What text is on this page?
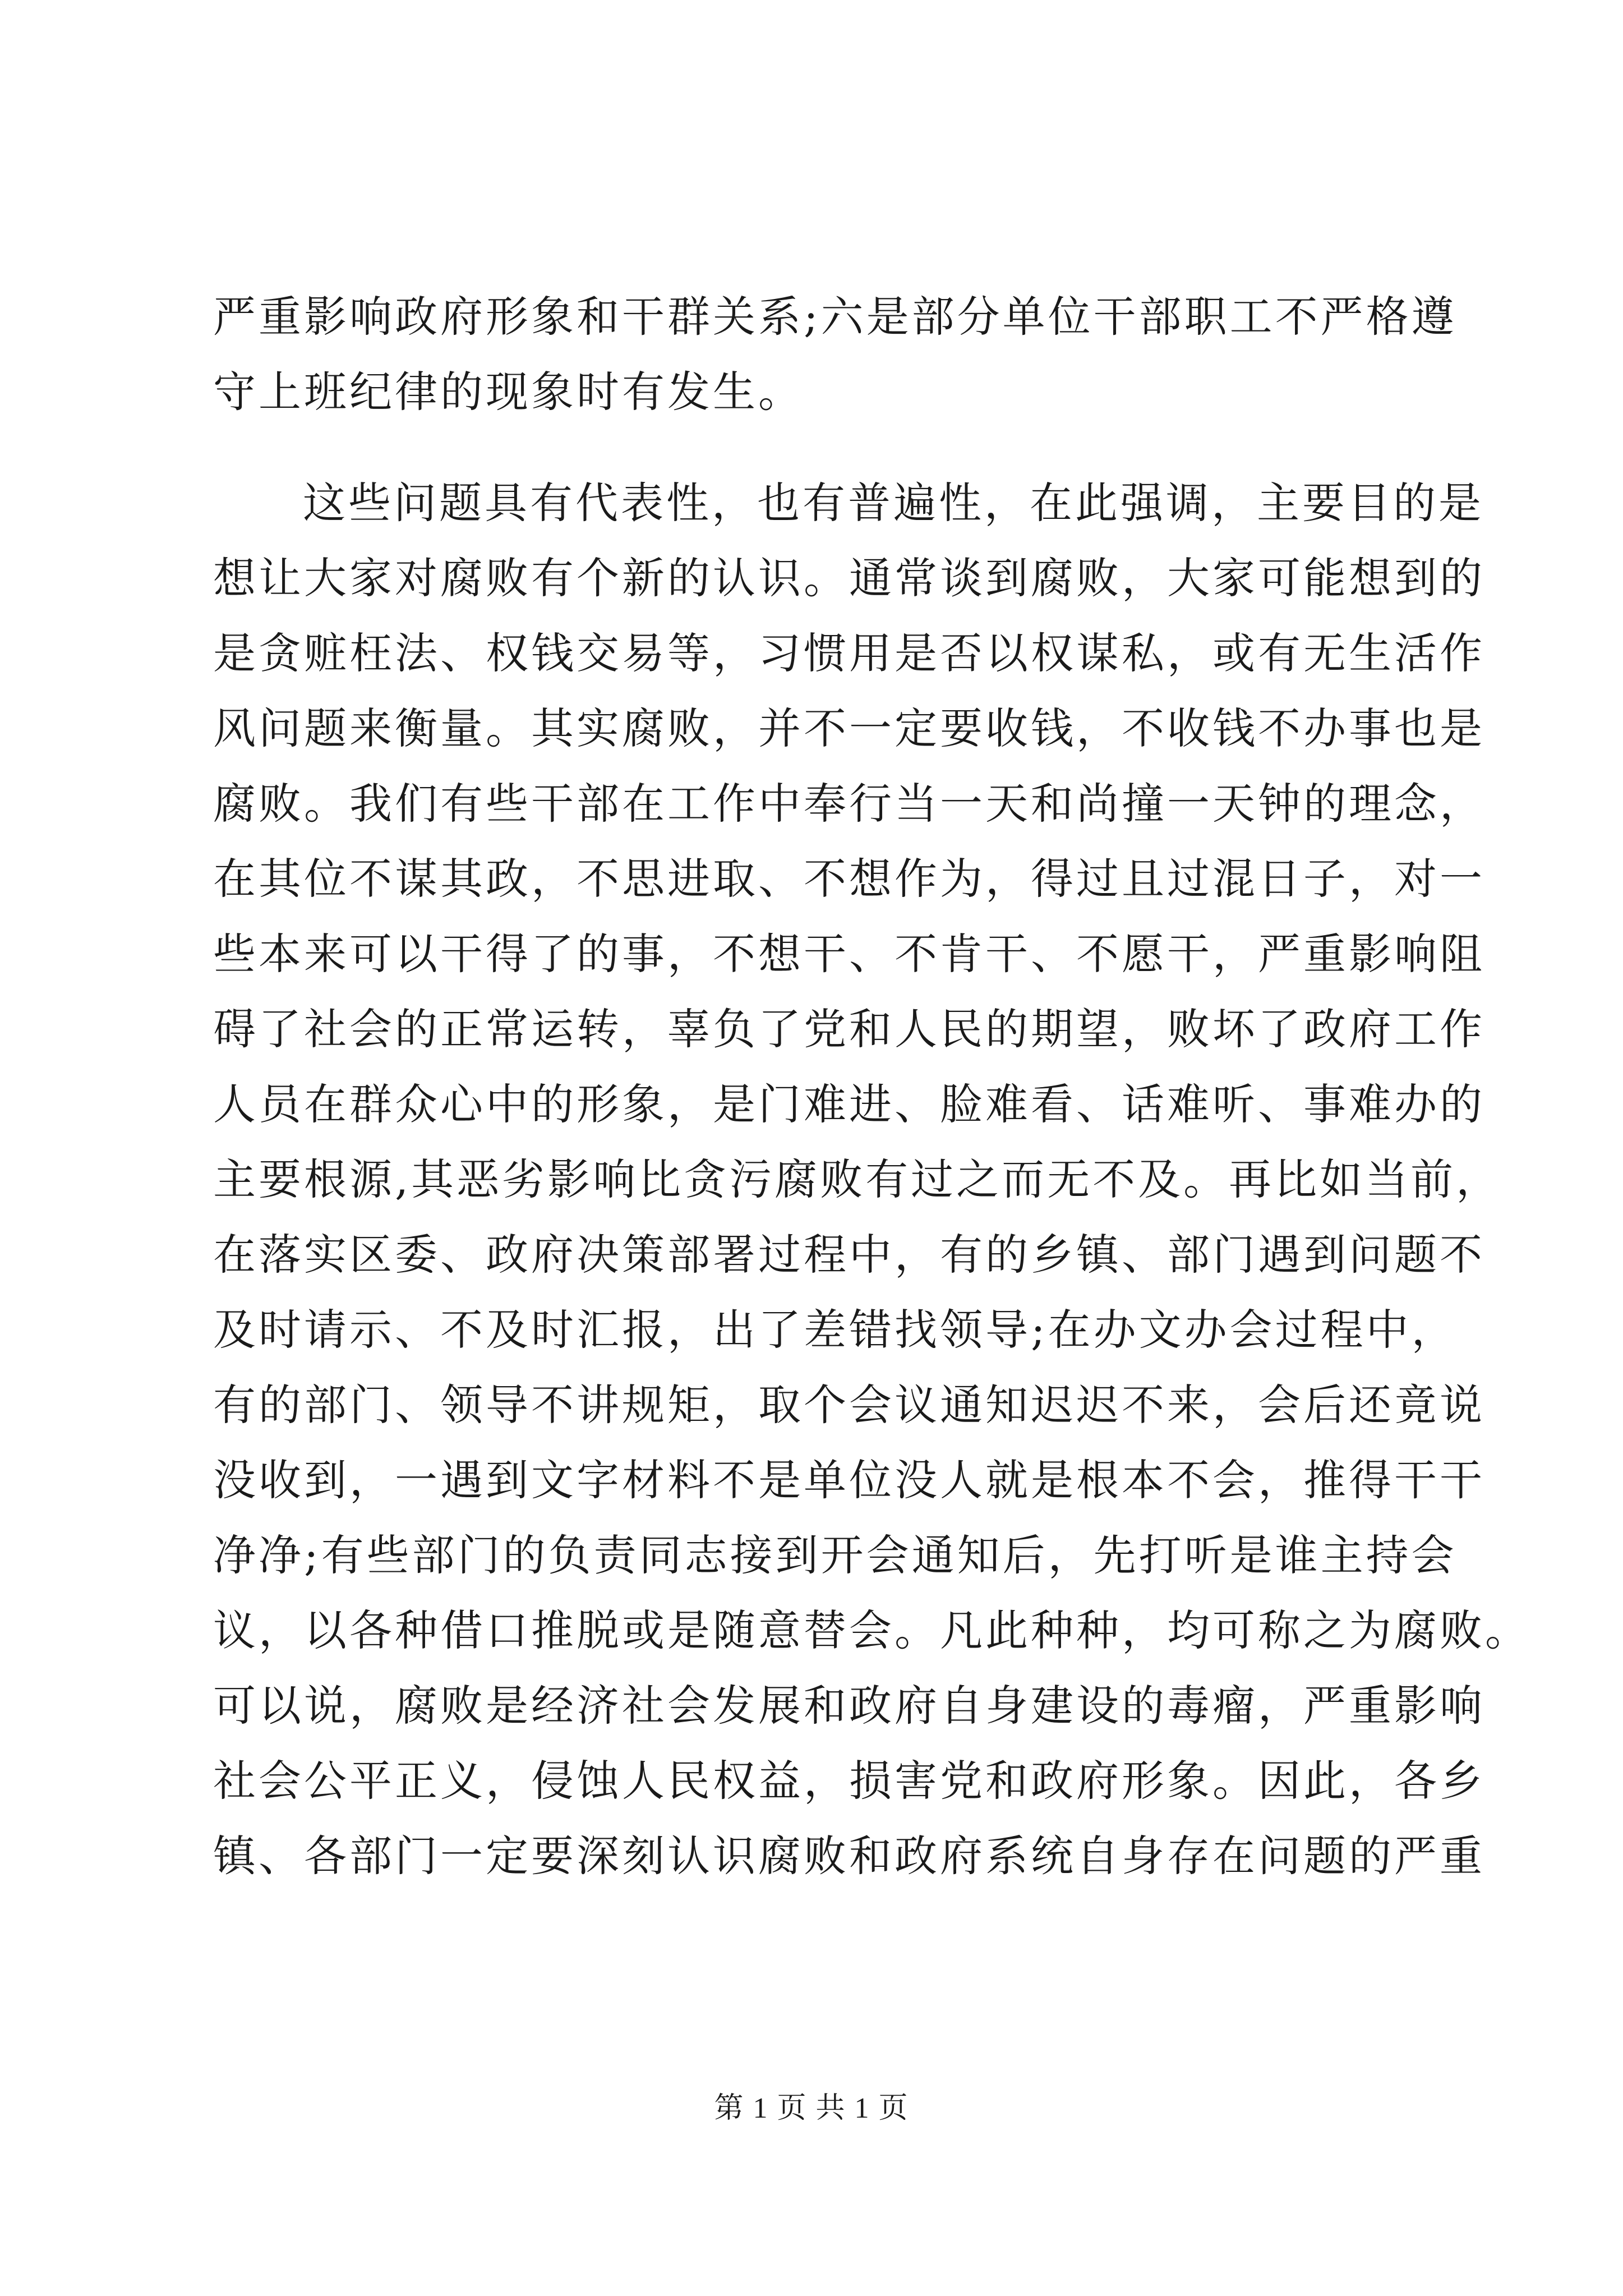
严重影响政府形象和干群关系;六是部分单位干部职工不严格遵
守上班纪律的现象时有发生。
这些问题具有代表性，也有普遍性，在此强调，主要目的是
想让大家对腐败有个新的认识。通常谈到腐败，大家可能想到的
是贪赃枉法、权钱交易等，习惯用是否以权谋私，或有无生活作
风问题来衡量。其实腐败，并不一定要收钱，不收钱不办事也是
腐败。我们有些干部在工作中奉行当一天和尚撞一天钟的理念，
在其位不谋其政，不思进取、不想作为，得过且过混日子，对一
些本来可以干得了的事，不想干、不肯干、不愿干，严重影响阻
碍了社会的正常运转，辜负了党和人民的期望，败坏了政府工作
人员在群众心中的形象，是门难进、脸难看、话难听、事难办的
主要根源,其恶劣影响比贪污腐败有过之而无不及。再比如当前，
在落实区委、政府决策部署过程中，有的乡镇、部门遇到问题不
及时请示、不及时汇报，出了差错找领导;在办文办会过程中，
有的部门、领导不讲规矩，取个会议通知迟迟不来，会后还竟说
没收到，一遇到文字材料不是单位没人就是根本不会，推得干干
净净;有些部门的负责同志接到开会通知后，先打听是谁主持会
议，以各种借口推脱或是随意替会。凡此种种，均可称之为腐败。
可以说，腐败是经济社会发展和政府自身建设的毒瘤，严重影响
社会公平正义，侵蚀人民权益，损害党和政府形象。因此，各乡
镇、各部门一定要深刻认识腐败和政府系统自身存在问题的严重
第 1 页 共 1 页
